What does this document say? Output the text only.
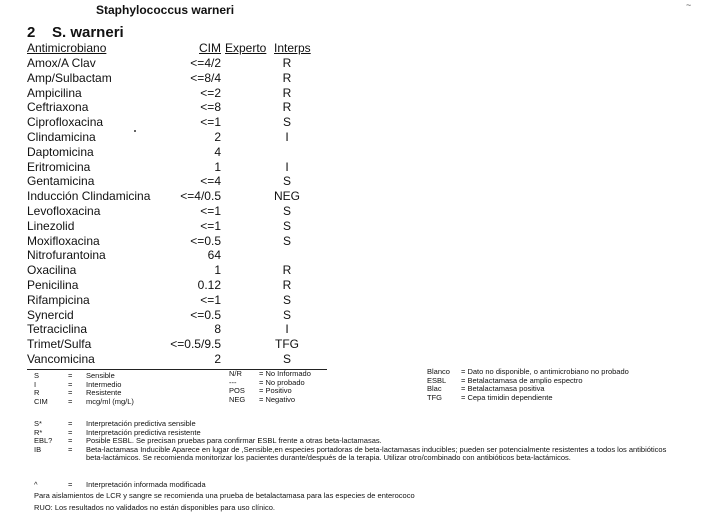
Staphylococcus warneri	~
2 S. warneri
Antimicrobiano	CIM Experto Interps
Amox/A Clav	<=4/2	R
Amp/Sulbactam	<=8/4	R
Ampicilina	<=2	R
Ceftriaxona	<=8	R
Ciprofloxacina	<=1	S
Clindamicina	2	I
Daptomicina	4
Eritromicina	1	I
Gentamicina	<=4	S
Inducción Clindamicina	<=4/0.5	NEG
Levofloxacina	<=1	S
Linezolid	<=1	S
Moxifloxacina	<=0.5	S
Nitrofurantoina	64
Oxacilina	1	R
Penicilina	0.12	R
Rifampicina	<=1	S
Synercid	<=0.5	S
Tetraciclina	8	I
Trimet/Sulfa	<=0.5/9.5	TFG
Vancomicina	2	S
S	= Sensible
I	= Intermedio
R	= Resistente
CIM	= mcg/ml (mg/L)
N/R = No Informado
---	= No probado
POS = Positivo
NEG = Negativo
Blanco = Dato no disponible, o antimicrobiano no probado
ESBL = Betalactamasa de amplio espectro
Blac	= Betalactamasa positiva
TFG	= Cepa timidin dependiente
S*	= Interpretación predictiva sensible
R*	= Interpretación predictiva resistente
EBL? = Posible ESBL. Se precisan pruebas para confirmar ESBL frente a otras beta-lactamasas.
IB	= Beta-lactamasa Inducible Aparece en lugar de ,Sensible,en especies portadoras de beta-lactamasas inducibles; pueden ser potencialmente resistentes a todos los antibióticos
beta-lactámicos. Se recomienda monitorizar los pacientes durante/después de la terapia. Utilizar otro/combinado con antibióticos beta-lactámicos.
^	= Interpretación informada modificada
Para aislamientos de LCR y sangre se recomienda una prueba de betalactamasa para las especies de enterococo
RUO: Los resultados no validados no están disponibles para uso clínico.
